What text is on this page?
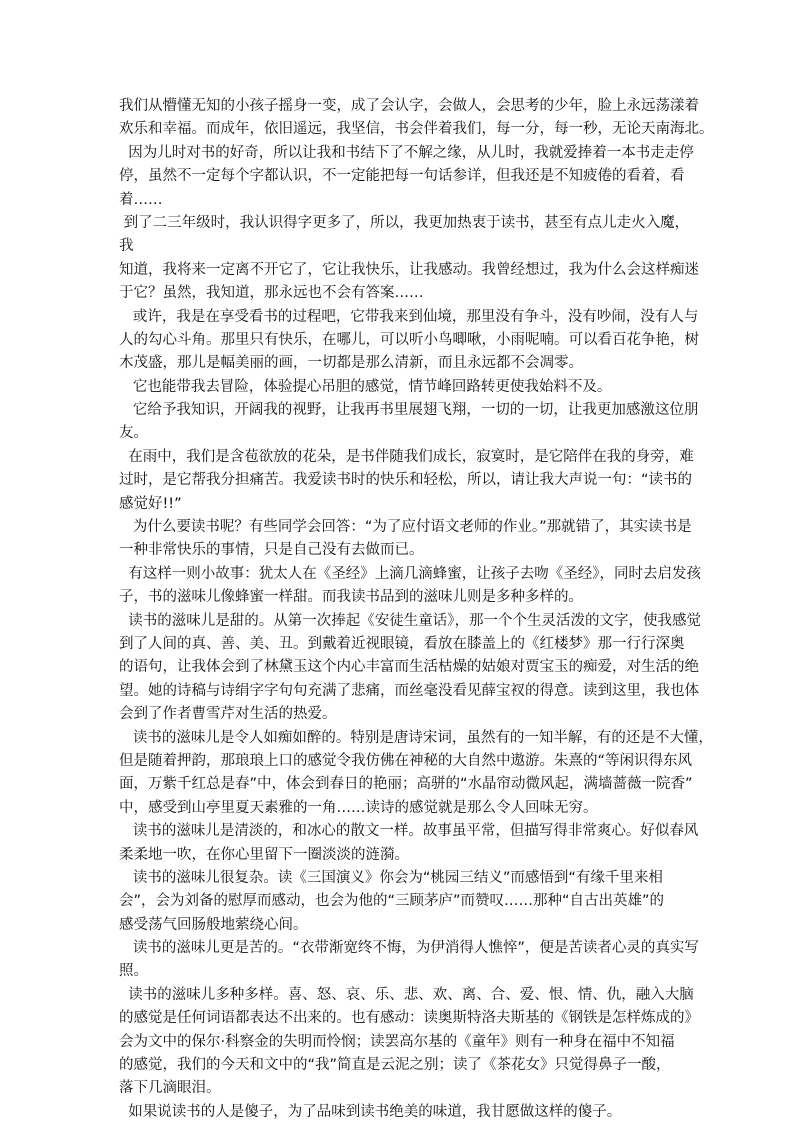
我们从懵懂无知的小孩子摇身一变，成了会认字，会做人，会思考的少年，脸上永远荡漾着
欢乐和幸福。而成年，依旧遥远，我坚信，书会伴着我们，每一分，每一秒，无论天南海北。
因为儿时对书的好奇，所以让我和书结下了不解之缘，从儿时，我就爱捧着一本书走走停
停，虽然不一定每个字都认识，不一定能把每一句话参详，但我还是不知疲倦的看着，看
着……
到了二三年级时，我认识得字更多了，所以，我更加热衷于读书，甚至有点儿走火入魔，
我
知道，我将来一定离不开它了，它让我快乐，让我感动。我曾经想过，我为什么会这样痴迷
于它？虽然，我知道，那永远也不会有答案……
或许，我是在享受看书的过程吧，它带我来到仙境，那里没有争斗，没有吵闹，没有人与
人的勾心斗角。那里只有快乐，在哪儿，可以听小鸟唧啾，小雨呢喃。可以看百花争艳，树
木茂盛，那儿是幅美丽的画，一切都是那么清新，而且永远都不会凋零。
它也能带我去冒险，体验提心吊胆的感觉，情节峰回路转更使我始料不及。
它给予我知识，开阔我的视野，让我再书里展翅飞翔，一切的一切，让我更加感激这位朋
友。
在雨中，我们是含苞欲放的花朵，是书伴随我们成长，寂寞时，是它陪伴在我的身旁，难
过时，是它帮我分担痛苦。我爱读书时的快乐和轻松，所以，请让我大声说一句：“读书的
感觉好!!”
为什么要读书呢？有些同学会回答：“为了应付语文老师的作业。”那就错了，其实读书是
一种非常快乐的事情，只是自己没有去做而已。
有这样一则小故事：犹太人在《圣经》上滴几滴蜂蜜，让孩子去吻《圣经》，同时去启发孩
子，书的滋味儿像蜂蜜一样甜。而我读书品到的滋味儿则是多种多样的。
读书的滋味儿是甜的。从第一次捧起《安徒生童话》，那一个个生灵活泼的文字，使我感觉
到了人间的真、善、美、丑。到戴着近视眼镜，看放在膝盖上的《红楼梦》那一行行深奥
的语句，让我体会到了林黛玉这个内心丰富而生活枯燥的姑娘对贾宝玉的痴爱，对生活的绝
望。她的诗稿与诗绢字字句句充满了悲痛，而丝毫没看见薛宝衩的得意。读到这里，我也体
会到了作者曹雪芹对生活的热爱。
读书的滋味儿是令人如痴如醉的。特别是唐诗宋词，虽然有的一知半解，有的还是不大懂，
但是随着押韵，那琅琅上口的感觉令我仿佛在神秘的大自然中遨游。朱熹的“等闲识得东风
面，万紫千红总是春”中，体会到春日的艳丽；高骈的“水晶帘动微风起，满墙蔷薇一院香”
中，感受到山亭里夏天素雅的一角……读诗的感觉就是那么令人回味无穷。
读书的滋味儿是清淡的，和冰心的散文一样。故事虽平常，但描写得非常爽心。好似春风
柔柔地一吹，在你心里留下一圈淡淡的涟漪。
读书的滋味儿很复杂。读《三国演义》你会为“桃园三结义”而感悟到“有缘千里来相
会”，会为刘备的慰厚而感动，也会为他的“三顾茅庐”而赞叹……那种“自古出英雄”的
感受荡气回肠般地萦绕心间。
读书的滋味儿更是苦的。“衣带渐宽终不悔，为伊消得人憔悴”，便是苦读者心灵的真实写
照。
读书的滋味儿多种多样。喜、怒、哀、乐、悲、欢、离、合、爱、恨、情、仇，融入大脑
的感觉是任何词语都表达不出来的。也有感动：读奥斯特洛夫斯基的《钢铁是怎样炼成的》
会为文中的保尔·科察金的失明而怜悯；读罢高尔基的《童年》则有一种身在福中不知福
的感觉，我们的今天和文中的“我”简直是云泥之别；读了《茶花女》只觉得鼻子一酸，
落下几滴眼泪。
如果说读书的人是傻子，为了品味到读书绝美的味道，我甘愿做这样的傻子。
